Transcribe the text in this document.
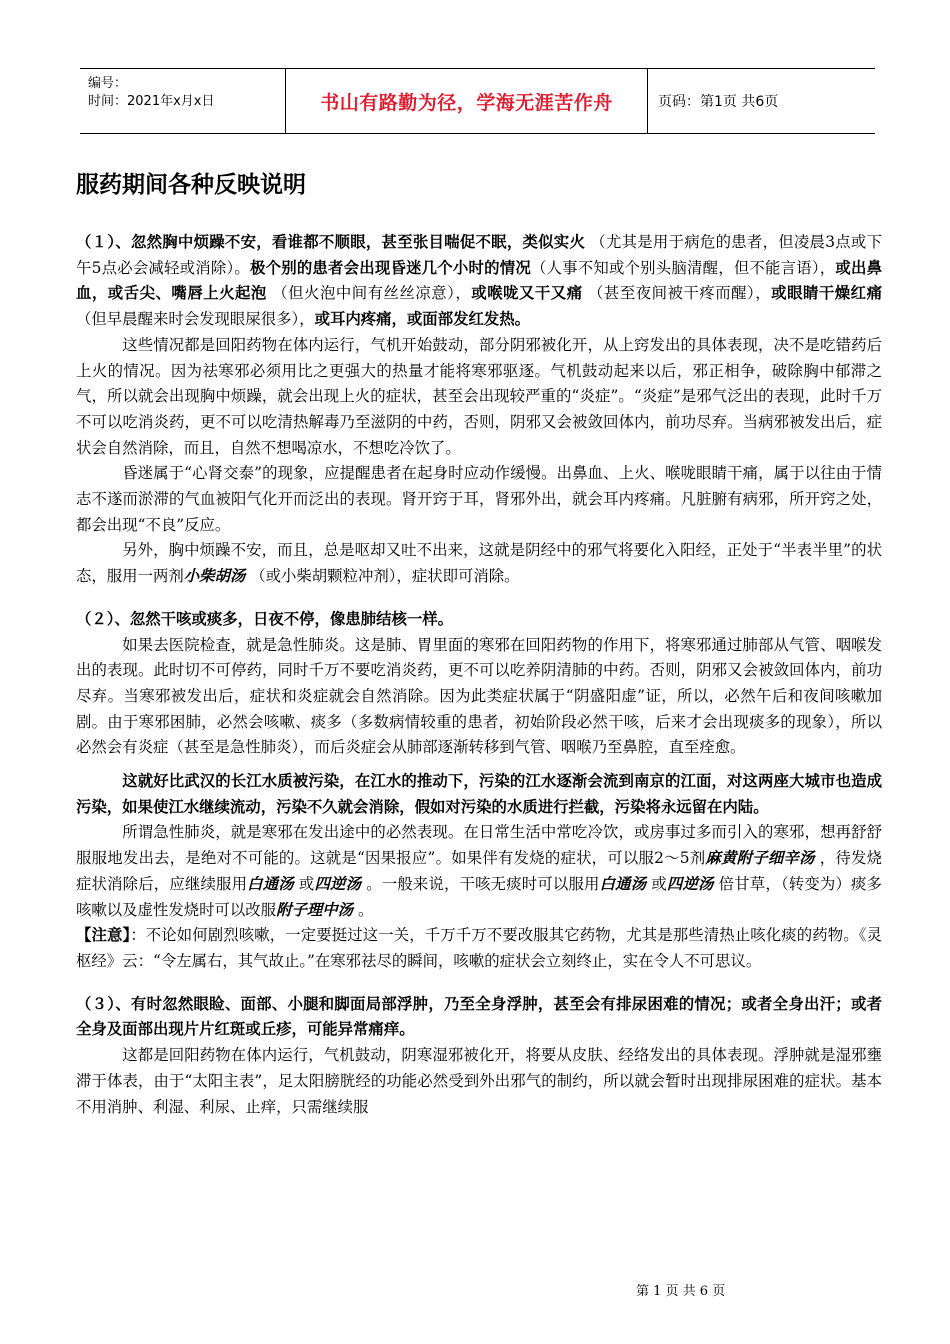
编号：
时间：2021年x月x日	书山有路勤为径，学海无涯苦作舟	页码：第1页 共6页
服药期间各种反映说明

（１）、忽然胸中烦躁不安，看谁都不顺眼，甚至张目喘促不眠，类似实火 （尤其是用于病危的患者，但凌晨3点或下午5点必会减轻或消除）。极个别的患者会出现昏迷几个小时的情况（人事不知或个别头脑清醒，但不能言语），或出鼻血，或舌尖、嘴唇上火起泡 （但火泡中间有丝丝凉意），或喉咙又干又痛 （甚至夜间被干疼而醒），或眼睛干燥红痛 （但早晨醒来时会发现眼屎很多），或耳内疼痛，或面部发红发热。

这些情况都是回阳药物在体内运行，气机开始鼓动，部分阴邪被化开，从上窍发出的具体表现，决不是吃错药后上火的情况。因为祛寒邪必须用比之更强大的热量才能将寒邪驱逐。气机鼓动起来以后，邪正相争，破除胸中郁滞之气，所以就会出现胸中烦躁，就会出现上火的症状，甚至会出现较严重的“炎症”。“炎症”是邪气泛出的表现，此时千万不可以吃消炎药，更不可以吃清热解毒乃至滋阴的中药，否则，阴邪又会被敛回体内，前功尽弃。当病邪被发出后，症状会自然消除，而且，自然不想喝凉水，不想吃冷饮了。

昏迷属于“心肾交泰”的现象，应提醒患者在起身时应动作缓慢。出鼻血、上火、喉咙眼睛干痛，属于以往由于情志不遂而淤滞的气血被阳气化开而泛出的表现。肾开窍于耳，肾邪外出，就会耳内疼痛。凡脏腑有病邪，所开窍之处，都会出现“不良”反应。

另外，胸中烦躁不安，而且，总是呕却又吐不出来，这就是阴经中的邪气将要化入阳经，正处于“半表半里”的状态，服用一两剂小柴胡汤 （或小柴胡颗粒冲剂），症状即可消除。

（２）、忽然干咳或痰多，日夜不停，像患肺结核一样。

如果去医院检查，就是急性肺炎。这是肺、胃里面的寒邪在回阳药物的作用下，将寒邪通过肺部从气管、咽喉发出的表现。此时切不可停药，同时千万不要吃消炎药，更不可以吃养阴清肺的中药。否则，阴邪又会被敛回体内，前功尽弃。当寒邪被发出后，症状和炎症就会自然消除。因为此类症状属于“阴盛阳虚”证，所以，必然午后和夜间咳嗽加剧。由于寒邪困肺，必然会咳嗽、痰多（多数病情较重的患者，初始阶段必然干咳，后来才会出现痰多的现象），所以必然会有炎症（甚至是急性肺炎），而后炎症会从肺部逐渐转移到气管、咽喉乃至鼻腔，直至痊愈。

这就好比武汉的长江水质被污染，在江水的推动下，污染的江水逐渐会流到南京的江面，对这两座大城市也造成污染，如果使江水继续流动，污染不久就会消除，假如对污染的水质进行拦截，污染将永远留在内陆。

所谓急性肺炎，就是寒邪在发出途中的必然表现。在日常生活中常吃冷饮，或房事过多而引入的寒邪，想再舒舒服服地发出去，是绝对不可能的。这就是“因果报应”。如果伴有发烧的症状，可以服2～5剂麻黄附子细辛汤 ，待发烧症状消除后，应继续服用白通汤 或四逆汤 。一般来说，干咳无痰时可以服用白通汤 或四逆汤 倍甘草，（转变为）痰多咳嗽以及虚性发烧时可以改服附子理中汤 。

【注意】：不论如何剧烈咳嗽，一定要挺过这一关，千万千万不要改服其它药物，尤其是那些清热止咳化痰的药物。《灵枢经》云：“令左属右，其气故止。”在寒邪祛尽的瞬间，咳嗽的症状会立刻终止，实在令人不可思议。

（３）、有时忽然眼睑、面部、小腿和脚面局部浮肿，乃至全身浮肿，甚至会有排尿困难的情况；或者全身出汗；或者全身及面部出现片片红斑或丘疹，可能异常痛痒。

这都是回阳药物在体内运行，气机鼓动，阴寒湿邪被化开，将要从皮肤、经络发出的具体表现。浮肿就是湿邪壅滞于体表，由于“太阳主表”，足太阳膀胱经的功能必然受到外出邪气的制约，所以就会暂时出现排尿困难的症状。基本不用消肿、利湿、利尿、止痒，只需继续服

第 1 页 共 6 页
